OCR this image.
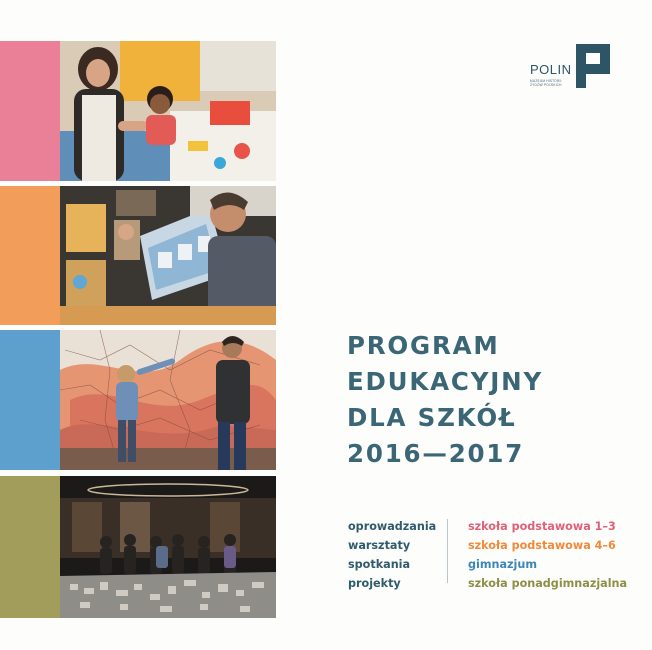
POLIN
MUZEUM HISTORII ŻYDÓW POLSKICH
PROGRAM
EDUKACYJNY
DLA SZKÓŁ
2016—2017
oprowadzania
warsztaty
spotkania
projekty
szkoła podstawowa 1–3
szkoła podstawowa 4–6
gimnazjum
szkoła ponadgimnazjalna
